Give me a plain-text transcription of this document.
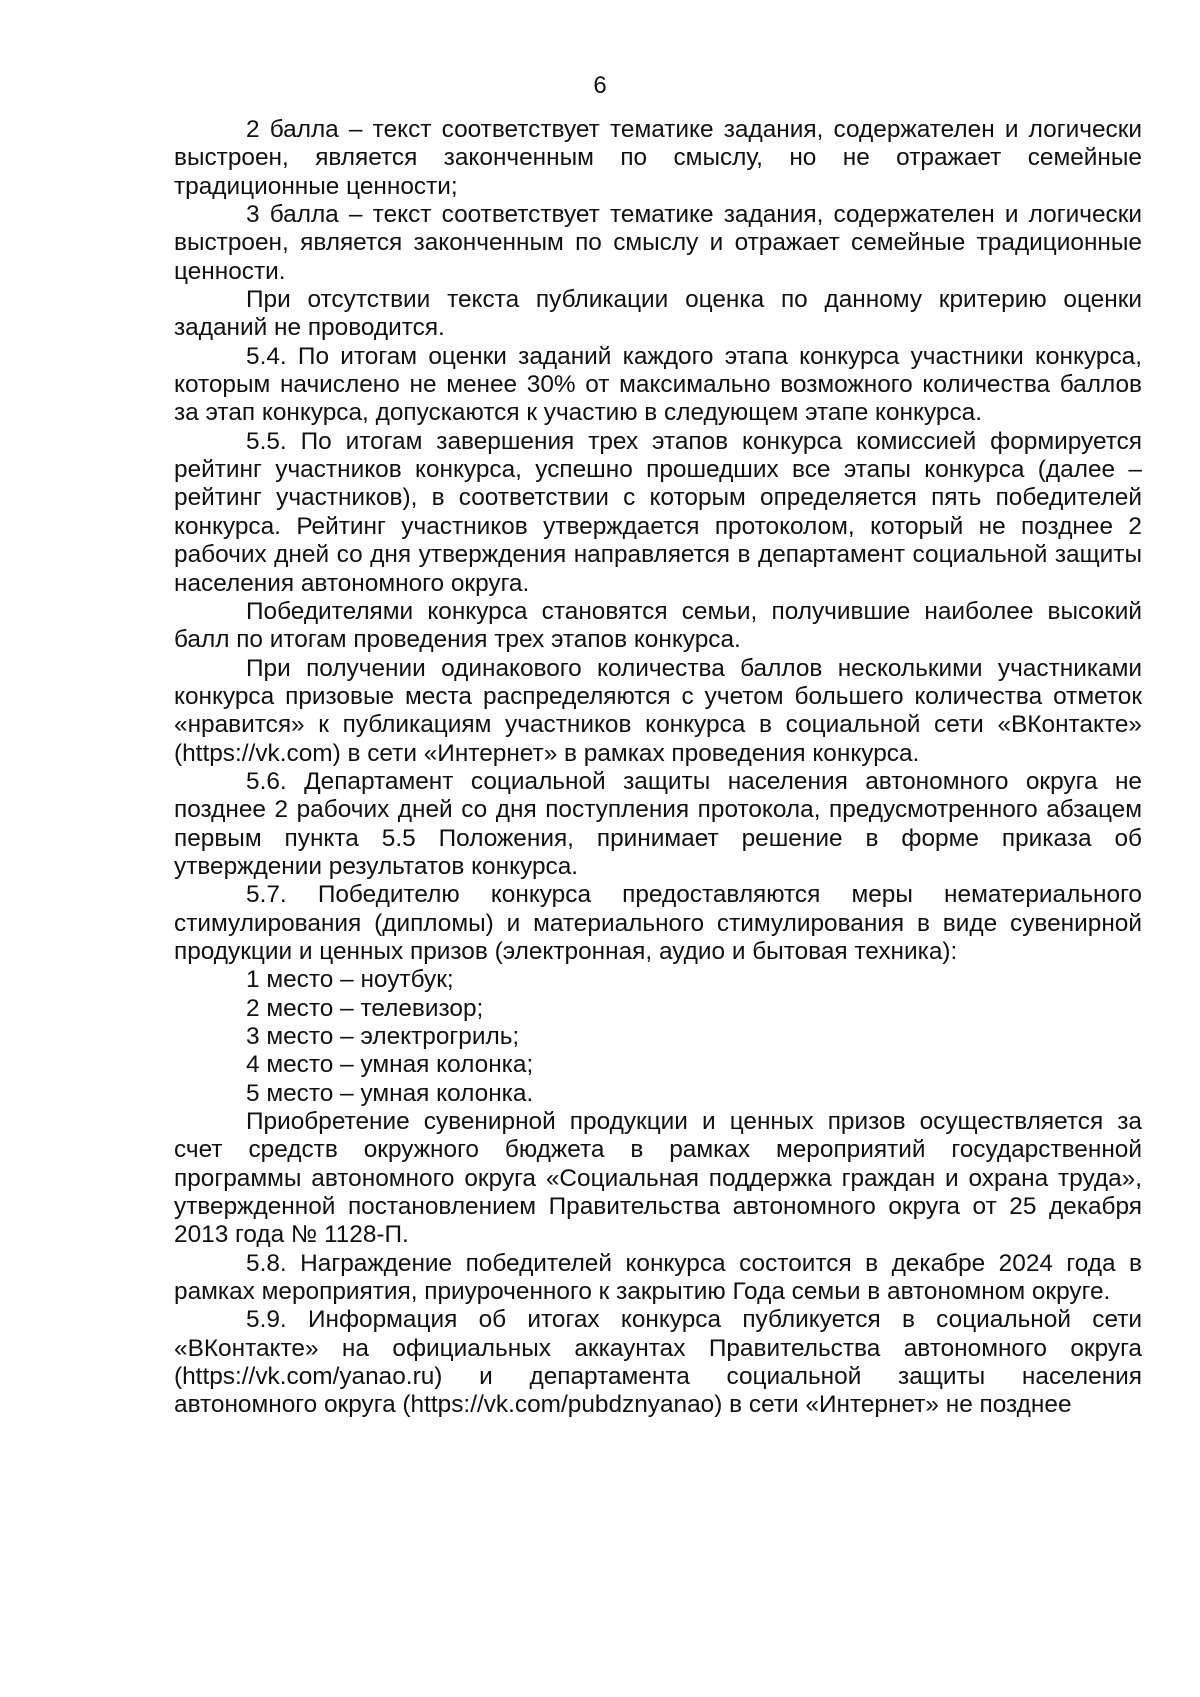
6

2 балла – текст соответствует тематике задания, содержателен и логически выстроен, является законченным по смыслу, но не отражает семейные традиционные ценности;

3 балла – текст соответствует тематике задания, содержателен и логически выстроен, является законченным по смыслу и отражает семейные традиционные ценности.

При отсутствии текста публикации оценка по данному критерию оценки заданий не проводится.

5.4. По итогам оценки заданий каждого этапа конкурса участники конкурса, которым начислено не менее 30% от максимально возможного количества баллов за этап конкурса, допускаются к участию в следующем этапе конкурса.

5.5. По итогам завершения трех этапов конкурса комиссией формируется рейтинг участников конкурса, успешно прошедших все этапы конкурса (далее – рейтинг участников), в соответствии с которым определяется пять победителей конкурса. Рейтинг участников утверждается протоколом, который не позднее 2 рабочих дней со дня утверждения направляется в департамент социальной защиты населения автономного округа.

Победителями конкурса становятся семьи, получившие наиболее высокий балл по итогам проведения трех этапов конкурса.

При получении одинакового количества баллов несколькими участниками конкурса призовые места распределяются с учетом большего количества отметок «нравится» к публикациям участников конкурса в социальной сети «ВКонтакте» (https://vk.com) в сети «Интернет» в рамках проведения конкурса.

5.6. Департамент социальной защиты населения автономного округа не позднее 2 рабочих дней со дня поступления протокола, предусмотренного абзацем первым пункта 5.5 Положения, принимает решение в форме приказа об утверждении результатов конкурса.

5.7. Победителю конкурса предоставляются меры нематериального стимулирования (дипломы) и материального стимулирования в виде сувенирной продукции и ценных призов (электронная, аудио и бытовая техника):

1 место – ноутбук;

2 место – телевизор;

3 место – электрогриль;

4 место – умная колонка;

5 место – умная колонка.

Приобретение сувенирной продукции и ценных призов осуществляется за счет средств окружного бюджета в рамках мероприятий государственной программы автономного округа «Социальная поддержка граждан и охрана труда», утвержденной постановлением Правительства автономного округа от 25 декабря 2013 года № 1128-П.

5.8. Награждение победителей конкурса состоится в декабре 2024 года в рамках мероприятия, приуроченного к закрытию Года семьи в автономном округе.

5.9. Информация об итогах конкурса публикуется в социальной сети «ВКонтакте» на официальных аккаунтах Правительства автономного округа (https://vk.com/yanao.ru) и департамента социальной защиты населения автономного округа (https://vk.com/pubdznyanao) в сети «Интернет» не позднее
